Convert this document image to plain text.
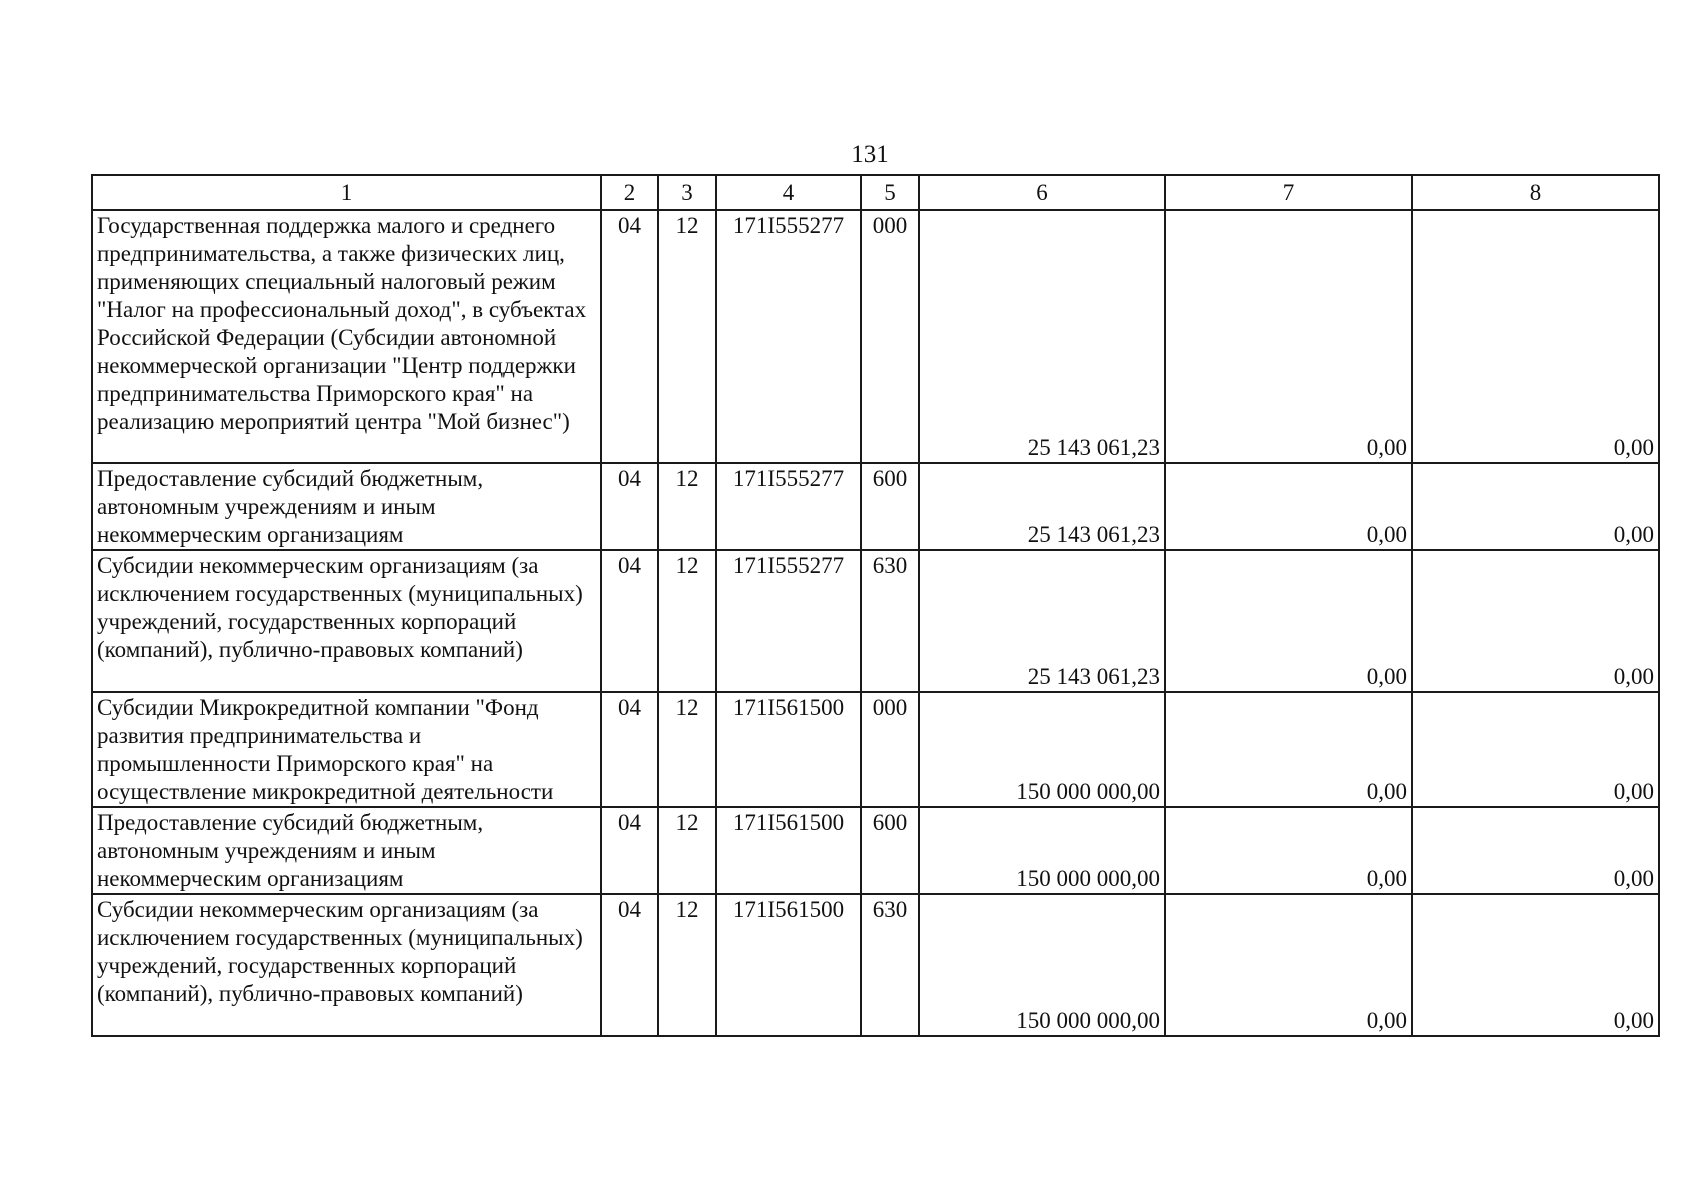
131
1	2	3	4	5	6	7	8
Государственная поддержка малого и среднего предпринимательства, а также физических лиц, применяющих специальный налоговый режим "Налог на профессиональный доход", в субъектах Российской Федерации (Субсидии автономной некоммерческой организации "Центр поддержки предпринимательства Приморского края" на реализацию мероприятий центра "Мой бизнес")	04	12	171I555277	000	25 143 061,23	0,00	0,00
Предоставление субсидий бюджетным, автономным учреждениям и иным некоммерческим организациям	04	12	171I555277	600	25 143 061,23	0,00	0,00
Субсидии некоммерческим организациям (за исключением государственных (муниципальных) учреждений, государственных корпораций (компаний), публично-правовых компаний)	04	12	171I555277	630	25 143 061,23	0,00	0,00
Субсидии Микрокредитной компании "Фонд развития предпринимательства и промышленности Приморского края" на осуществление микрокредитной деятельности	04	12	171I561500	000	150 000 000,00	0,00	0,00
Предоставление субсидий бюджетным, автономным учреждениям и иным некоммерческим организациям	04	12	171I561500	600	150 000 000,00	0,00	0,00
Субсидии некоммерческим организациям (за исключением государственных (муниципальных) учреждений, государственных корпораций (компаний), публично-правовых компаний)	04	12	171I561500	630	150 000 000,00	0,00	0,00
